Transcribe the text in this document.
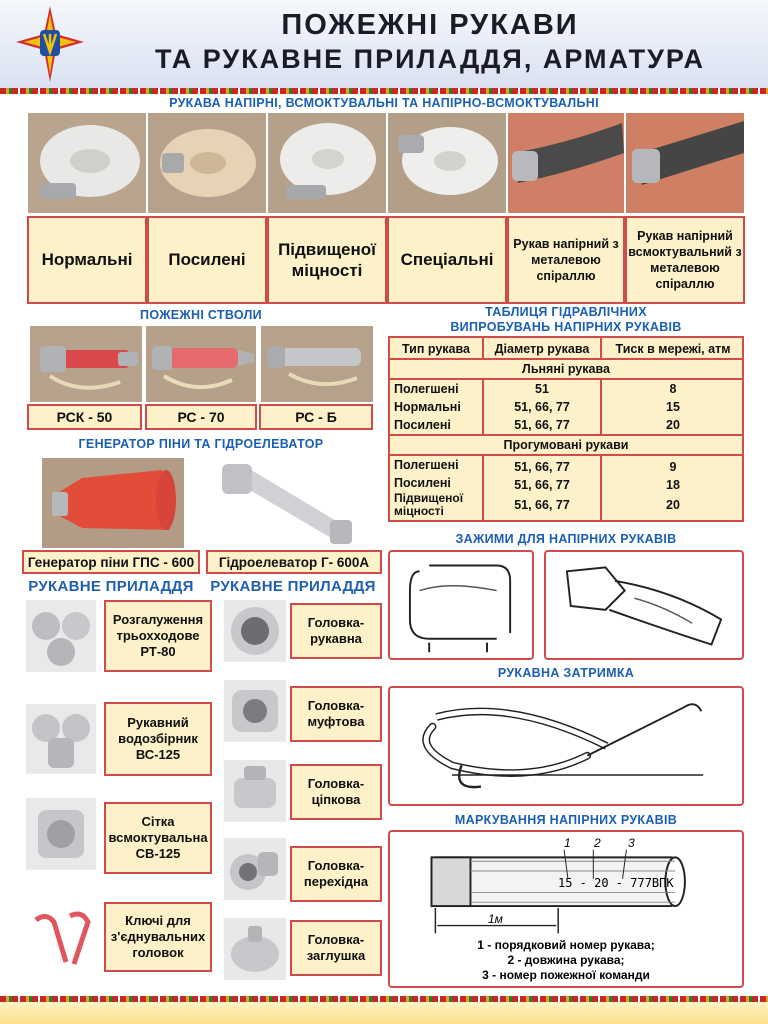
ПОЖЕЖНІ РУКАВИ
ТА РУКАВНЕ ПРИЛАДДЯ, АРМАТУРА
РУКАВА НАПІРНІ, ВСМОКТУВАЛЬНІ ТА НАПІРНО-ВСМОКТУВАЛЬНІ
Нормальні	Посилені
Підвищеної міцності
Спеціальні
Рукав напірний з металевою спіраллю
Рукав напірний всмоктувальний з металевою спіраллю
ПОЖЕЖНІ СТВОЛИ
РСК - 50	РС - 70	РС - Б
ГЕНЕРАТОР ПІНИ ТА ГІДРОЕЛЕВАТОР
Генератор піни ГПС - 600	Гідроелеватор Г- 600А
РУКАВНЕ ПРИЛАДДЯ	РУКАВНЕ ПРИЛАДДЯ
Розгалуження трьохходове РТ-80
Рукавний водозбірник ВС-125
Сітка всмоктувальна СВ-125
Ключі для з'єднувальних головок
Головка-рукавна
Головка-муфтова
Головка-ціпкова
Головка-перехідна
Головка-заглушка
ТАБЛИЦЯ ГІДРАВЛІЧНИХ
ВИПРОБУВАНЬ НАПІРНИХ РУКАВІВ
Тип рукава	Діаметр рукава	Тиск в мережі, атм
Льняні рукава
Полегшені	51	8
Нормальні	51, 66, 77	15
Посилені	51, 66, 77	20
Прогумовані рукави
Полегшені	51, 66, 77	9
Посилені	51, 66, 77	18
Підвищеної міцності	51, 66, 77	20
ЗАЖИМИ ДЛЯ НАПІРНИХ РУКАВІВ
РУКАВНА ЗАТРИМКА
МАРКУВАННЯ НАПІРНИХ РУКАВІВ
1 2 3
15 - 20 - 777ВПК
1м
1 - порядковий номер рукава;
2 - довжина рукава;
3 - номер пожежної команди
